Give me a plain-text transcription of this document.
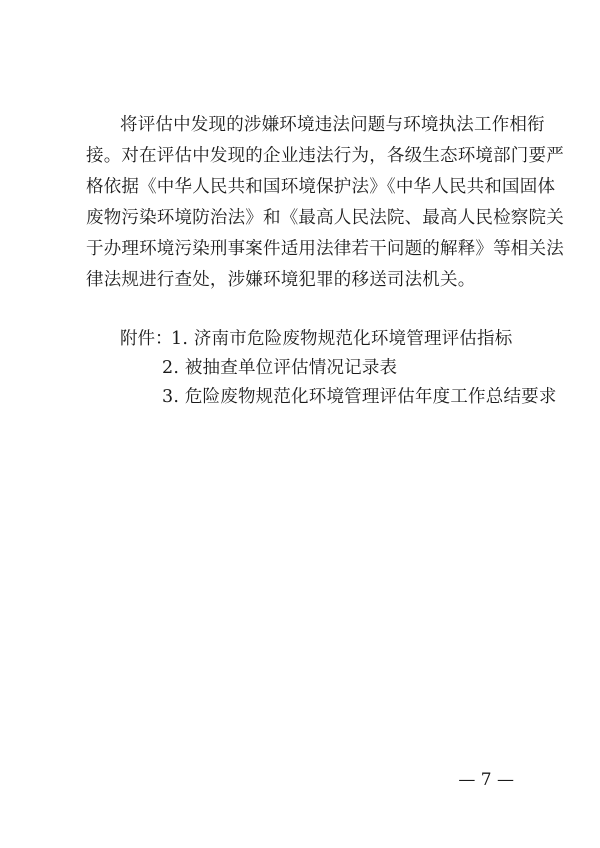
将评估中发现的涉嫌环境违法问题与环境执法工作相衔
接。对在评估中发现的企业违法行为，各级生态环境部门要严
格依据《中华人民共和国环境保护法》《中华人民共和国固体
废物污染环境防治法》和《最高人民法院、最高人民检察院关
于办理环境污染刑事案件适用法律若干问题的解释》等相关法
律法规进行查处，涉嫌环境犯罪的移送司法机关。
附件：
1. 济南市危险废物规范化环境管理评估指标
2. 被抽查单位评估情况记录表
3. 危险废物规范化环境管理评估年度工作总结要求
— 7 —
